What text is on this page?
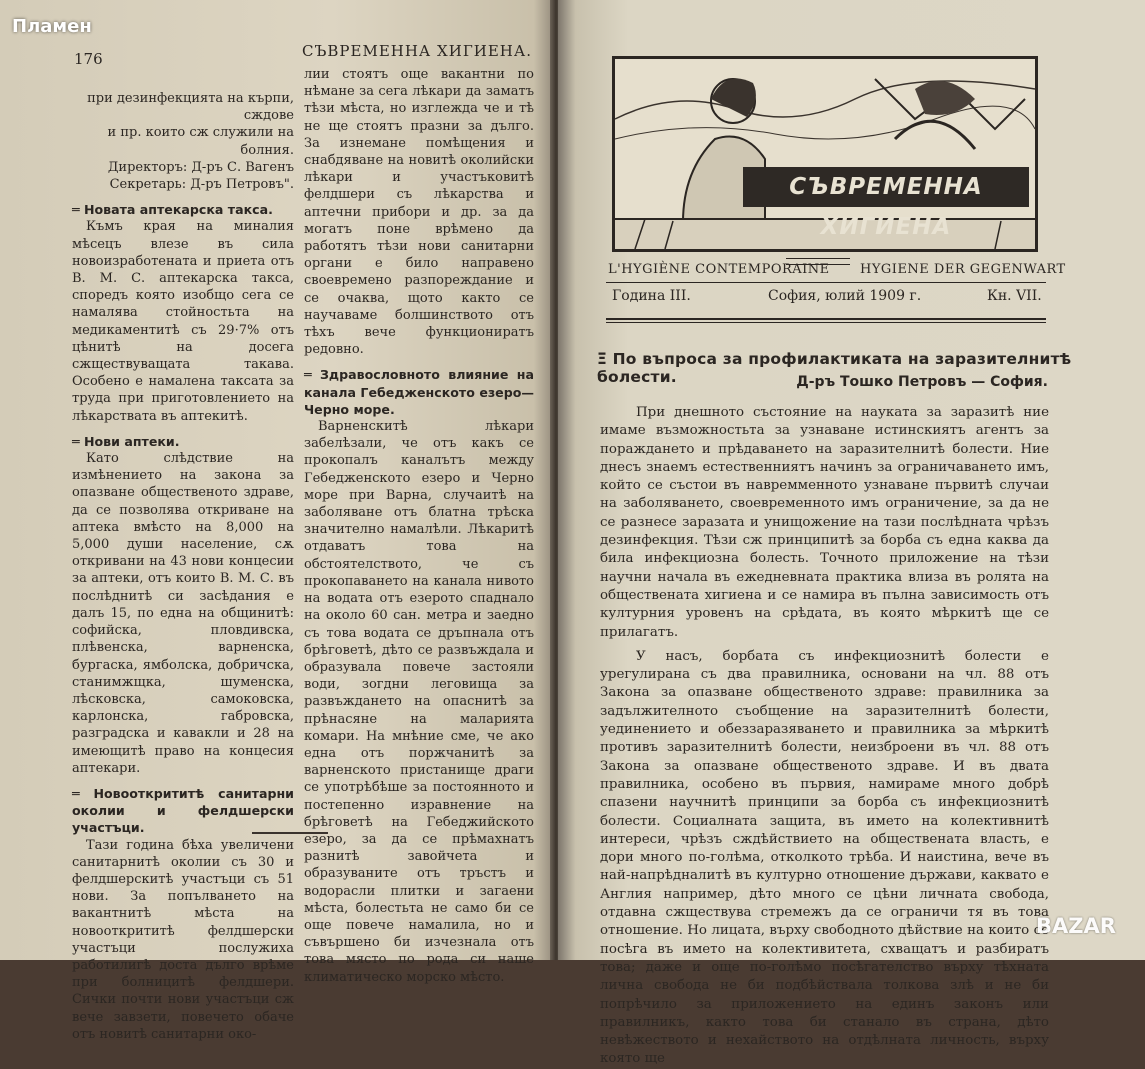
Пламен
176	СЪВРЕМЕННА ХИГИЕНА.

при дезинфекцията на кърпи, сждове

и пр. които сж служили на болния.

Директоръ: Д-ръ С. Вагенъ

Секретарь: Д-ръ Петровъ".

═ Новата аптекарска такса.

Къмъ края на миналия мѣсецъ влезе въ сила новоизработената и приета отъ В. М. С. аптекарска такса, споредъ която изобщо сега се намалява стойностьта на медикаментитѣ съ 29·7% отъ цѣнитѣ на досега сжществуващата такава. Особено е намалена таксата за труда при приготовлението на лѣкарствата въ аптекитѣ.

═ Нови аптеки.

Като слѣдствие на измѣнението на закона за опазване общественото здраве, да се позволява откриване на аптека вмѣсто на 8,000 на 5,000 души население, сѫ откривани на 43 нови концесии за аптеки, отъ които В. М. С. въ послѣднитѣ си засѣдания е далъ 15, по една на общинитѣ: софийска, пловдивска, плѣвенска, варненска, бургаска, ямболска, добричска, станимжщка, шуменска, лѣсковска, самоковска, карлонска, габровска, разградска и кавакли и 28 на имеющитѣ право на концесия аптекари.

═ Новооткрититѣ санитарни околии и фелдшерски участъци.

Тази година бѣха увеличени санитарнитѣ околии съ 30 и фелдшерскитѣ участъци съ 51 нови. За попълването на вакантнитѣ мѣста на новооткрититѣ фелдшерски участъци послужиха работилигѣ доста дълго врѣме при болницитѣ фелдшери. Сички почти нови участъци сж вече завзети, повечето обаче отъ новитѣ санитарни око-

лии стоятъ още вакантни по нѣмане за сега лѣкари да заматъ тѣзи мѣста, но изглежда че и тѣ не ще стоятъ празни за дълго. За изнемане помѣщения и снабдяване на новитѣ околийски лѣкари и участъковитѣ фелдшери съ лѣкарства и аптечни прибори и др. за да могатъ поне врѣмено да работятъ тѣзи нови санитарни органи е било направено своевремено разпореждание и се очаква, щото както се научаваме болшинството отъ тѣхъ вече функциониратъ редовно.

═ Здравословното влияние на канала Гебедженското езеро—Черно море.

Варненскитѣ лѣкари забелѣзали, че отъ какъ се прокопалъ каналътъ между Гебедженското езеро и Черно море при Варна, случаитѣ на заболяване отъ блатна трѣска значително намалѣли. Лѣкаритѣ отдаватъ това на обстоятелството, че съ прокопаването на канала нивото на водата отъ езерото спаднало на около 60 сан. метра и заедно съ това водата се дръпнала отъ брѣговетѣ, дѣто се развъждала и образувала повече застояли води, зогдни леговища за развъждането на опаснитѣ за прѣнасяне на маларията комари. На мнѣние сме, че ако една отъ поржчанитѣ за варненското пристанище драги се употрѣбѣше за постоянното и постепенно изравнение на брѣговетѣ на Гебеджийското езеро, за да се прѣмахнатъ разнитѣ завойчета и образуваните отъ тръстъ и водорасли плитки и загаени мѣста, болестьта не само би се още повече намалила, но и съвършено би изчезнала отъ това място по рода си наше климатическо морско мѣсто.

СЪВРЕМЕННА ХИГИЕНА
L'HYGIÈNE CONTEMPORAINE HYGIENE DER GEGENWART
Година III.	София, юлий 1909 г.	Кн. VII.
Ξ По въпроса за профилактиката на заразителнитѣ болести.	Д-ръ Тошко Петровъ — София.

При днешното състояние на науката за заразитѣ ние имаме възможностьта за узнаване истинскиятъ агентъ за пораждането и прѣдаването на заразителнитѣ болести. Ние днесъ знаемъ естественниятъ начинъ за ограничаването имъ, който се състои въ навремменното узнаване първитѣ случаи на заболяването, своевременното имъ ограничение, за да не се разнесе заразата и унищожение на тази послѣдната чрѣзъ дезинфекция. Тѣзи сж принципитѣ за борба съ една каква да била инфекциозна болесть. Точното приложение на тѣзи научни начала въ ежедневната практика влиза въ ролята на обществената хигиена и се намира въ пълна зависимость отъ културния уровенъ на срѣдата, въ която мѣркитѣ ще се прилагатъ.

У насъ, борбата съ инфекциознитѣ болести е урегулирана съ два правилника, основани на чл. 88 отъ Закона за опазване общественото здраве: правилника за задължителното съобщение на заразителнитѣ болести, уединението и обеззаразяването и правилника за мѣркитѣ противъ заразителнитѣ болести, неизброени въ чл. 88 отъ Закона за опазване общественото здраве. И въ двата правилника, особено въ първия, намираме много добрѣ спазени научнитѣ принципи за борба съ инфекциознитѣ болести. Социалната защита, въ името на колективнитѣ интереси, чрѣзъ сждѣйствието на обществената власть, е дори много по-голѣма, отколкото трѣба. И наистина, вече въ най-напрѣдналитѣ въ културно отношение държави, каквато е Англия например, дѣто много се цѣни личната свобода, отдавна сжществува стремежъ да се ограничи тя въ това отношение. Но лицата, върху свободното дѣйствие на които се посѣга въ името на колективитета, схващатъ и разбиратъ това; даже и още по-голѣмо посѣгателство върху тѣхната лична свобода не би подбѣйствала толкова злѣ и не би попрѣчило за приложението на единъ законъ или правилникъ, както това би станало въ страна, дѣто невѣжеството и нехайството на отдѣлната личность, върху която ще

BAZAR
